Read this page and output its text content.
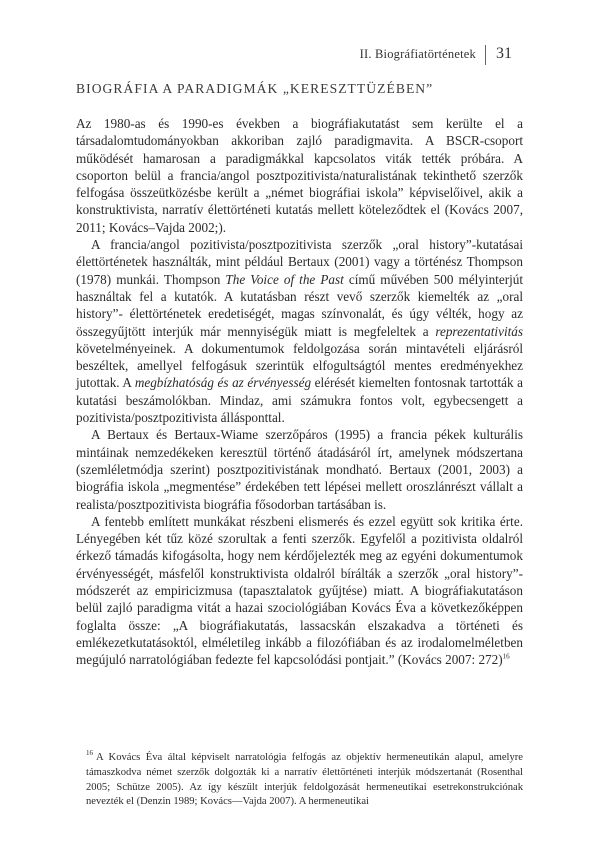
II. Biográfiatörténetek 31
BIOGRÁFIA A PARADIGMÁK „KERESZTTÜZÉBEN”

Az 1980-as és 1990-es években a biográfiakutatást sem kerülte el a társadalomtudományokban akkoriban zajló paradigmavita. A BSCR-csoport működését hamarosan a paradigmákkal kapcsolatos viták tették próbára. A csoporton belül a francia/angol posztpozitivista/naturalistának tekinthető szerzők felfogása összeütközésbe került a „német biográfiai iskola” képviselőivel, akik a konstruktivista, narratív élettörténeti kutatás mellett köteleződtek el (Kovács 2007, 2011; Kovács–Vajda 2002;).

A francia/angol pozitivista/posztpozitivista szerzők „oral history”-kutatásai élettörténetek használták, mint például Bertaux (2001) vagy a történész Thompson (1978) munkái. Thompson The Voice of the Past című művében 500 mélyinterjút használtak fel a kutatók. A kutatásban részt vevő szerzők kiemelték az „oral history”- élettörténetek eredetiségét, magas színvonalát, és úgy vélték, hogy az összegyűjtött interjúk már mennyiségük miatt is megfeleltek a reprezentativitás követelményeinek. A dokumentumok feldolgozása során mintavételi eljárásról beszéltek, amellyel felfogásuk szerintük elfogultságtól mentes eredményekhez jutottak. A megbízhatóság és az érvényesség elérését kiemelten fontosnak tartották a kutatási beszámolókban. Mindaz, ami számukra fontos volt, egybecsengett a pozitivista/posztpozitivista állásponttal.

A Bertaux és Bertaux-Wiame szerzőpáros (1995) a francia pékek kulturális mintáinak nemzedékeken keresztül történő átadásáról írt, amelynek módszertana (szemléletmódja szerint) posztpozitivistának mondható. Bertaux (2001, 2003) a biográfia iskola „megmentése” érdekében tett lépései mellett oroszlánrészt vállalt a realista/posztpozitivista biográfia fősodorban tartásában is.

A fentebb említett munkákat részbeni elismerés és ezzel együtt sok kritika érte. Lényegében két tűz közé szorultak a fenti szerzők. Egyfelől a pozitivista oldalról érkező támadás kifogásolta, hogy nem kérdőjelezték meg az egyéni dokumentumok érvényességét, másfelől konstruktivista oldalról bírálták a szerzők „oral history”-módszerét az empiricizmusa (tapasztalatok gyűjtése) miatt. A biográfiakutatáson belül zajló paradigma vitát a hazai szociológiában Kovács Éva a következőképpen foglalta össze: „A biográfiakutatás, lassacskán elszakadva a történeti és emlékezetkutatásoktól, elméletileg inkább a filozófiában és az irodalomelméletben megújuló narratológiában fedezte fel kapcsolódási pontjait.” (Kovács 2007: 272)$^{16}$

$^{16}$ A Kovács Éva által képviselt narratológia felfogás az objektív hermeneutikán alapul, amelyre támaszkodva német szerzők dolgozták ki a narratív élettörténeti interjúk módszertanát (Rosenthal 2005; Schütze 2005). Az így készült interjúk feldolgozását hermeneutikai esetrekonstrukciónak nevezték el (Denzin 1989; Kovács—Vajda 2007). A hermeneutikai
